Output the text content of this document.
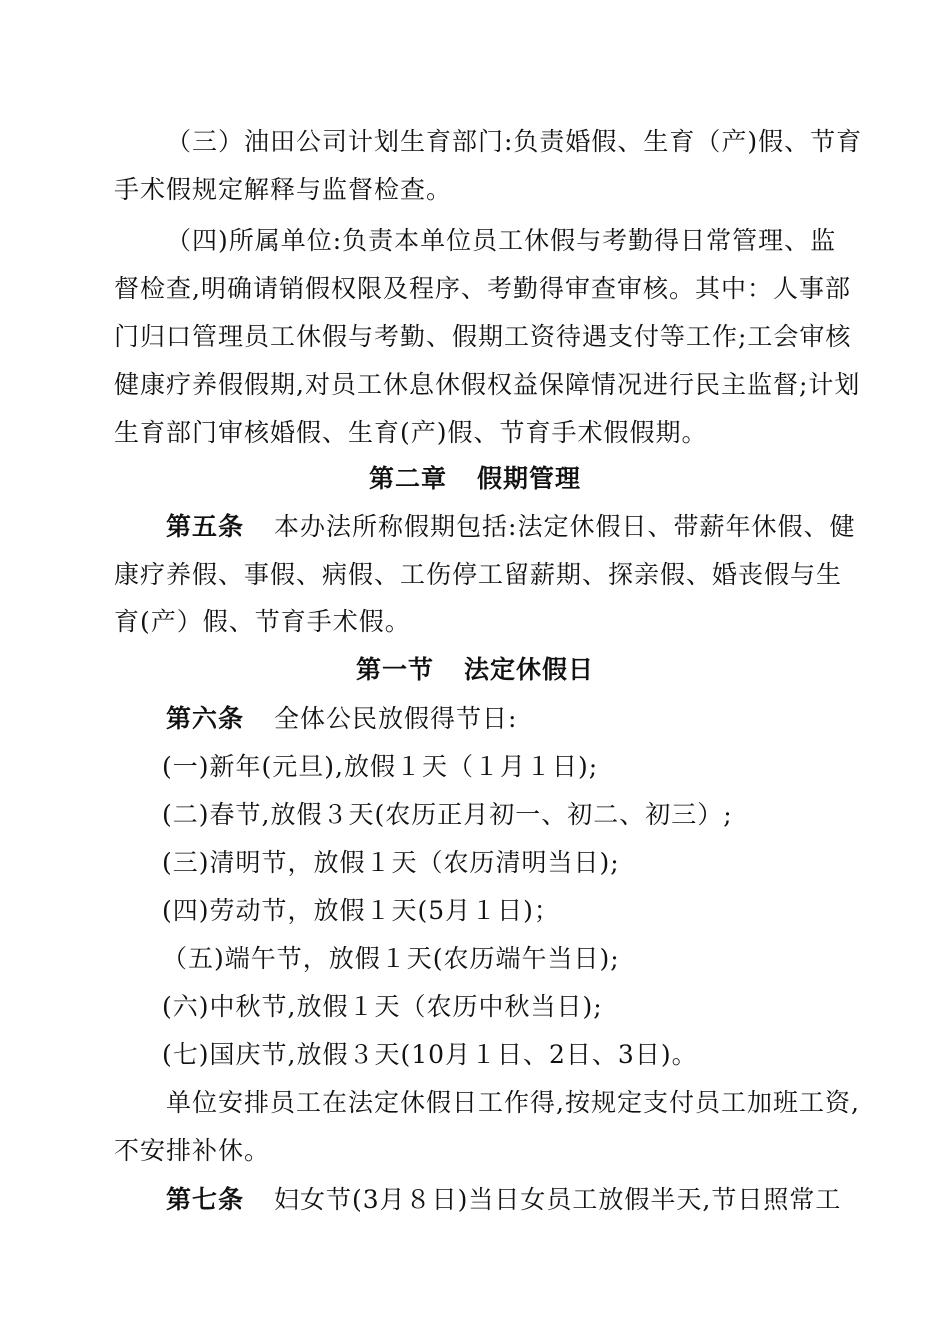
（三）油田公司计划生育部门:负责婚假、生育（产)假、节育
手术假规定解释与监督检查。
（四)所属单位:负责本单位员工休假与考勤得日常管理、监
督检查,明确请销假权限及程序、考勤得审查审核。其中：人事部
门归口管理员工休假与考勤、假期工资待遇支付等工作;工会审核
健康疗养假假期,对员工休息休假权益保障情况进行民主监督;计划
生育部门审核婚假、生育(产)假、节育手术假假期。
第二章 假期管理
第五条 本办法所称假期包括:法定休假日、带薪年休假、健
康疗养假、事假、病假、工伤停工留薪期、探亲假、婚丧假与生
育(产）假、节育手术假。
第一节 法定休假日
第六条 全体公民放假得节日:
(一)新年(元旦),放假１天（１月１日);
(二)春节,放假３天(农历正月初一、初二、初三）;
(三)清明节，放假１天（农历清明当日);
(四)劳动节，放假１天(5月１日)；
（五)端午节，放假１天(农历端午当日);
(六)中秋节,放假１天（农历中秋当日);
(七)国庆节,放假３天(10月１日、2日、3日)。
单位安排员工在法定休假日工作得,按规定支付员工加班工资,
不安排补休。
第七条 妇女节(3月８日)当日女员工放假半天,节日照常工
